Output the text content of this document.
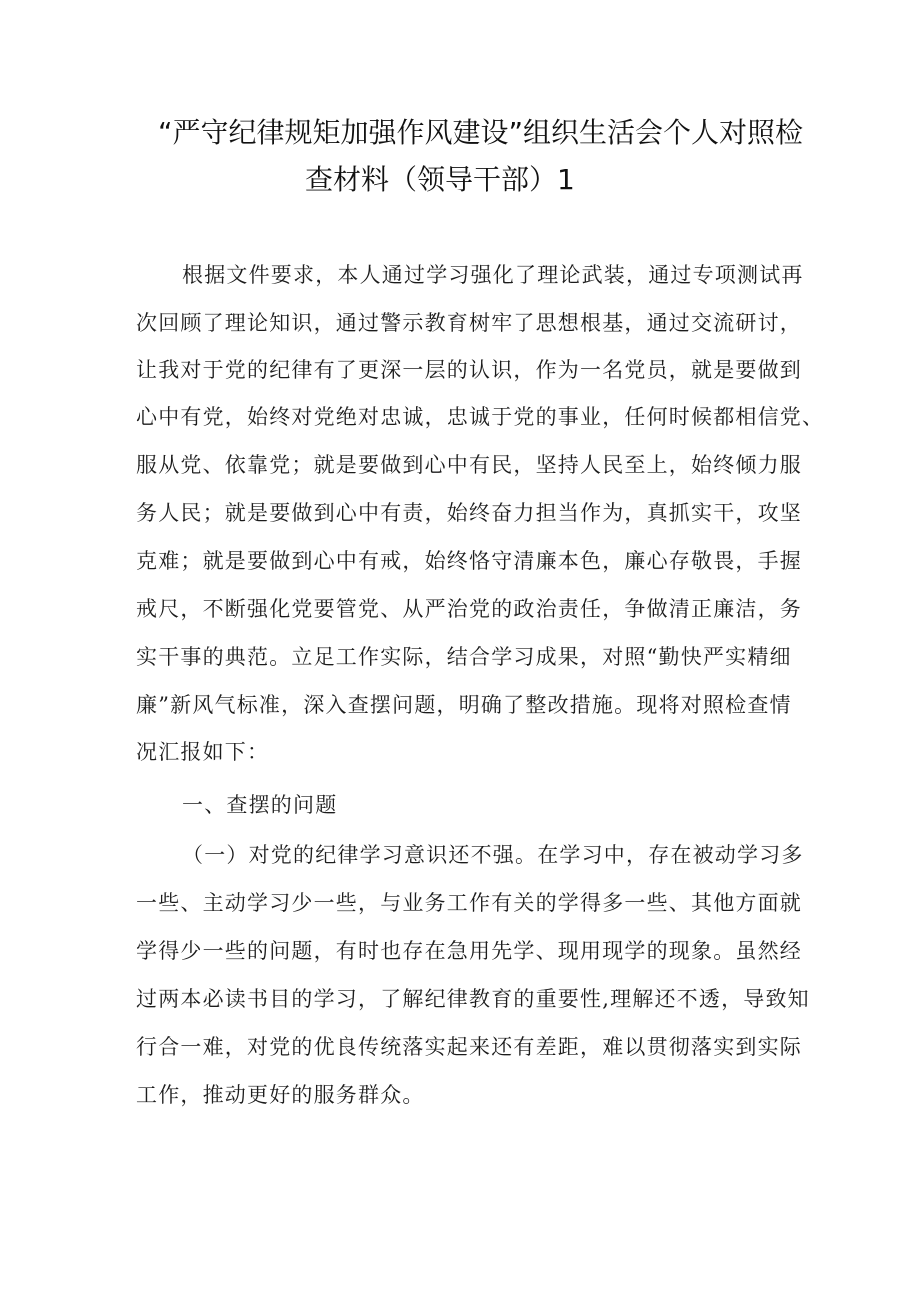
“严守纪律规矩加强作风建设”组织生活会个人对照检
查材料（领导干部）1
根据文件要求，本人通过学习强化了理论武装，通过专项测试再
次回顾了理论知识，通过警示教育树牢了思想根基，通过交流研讨，
让我对于党的纪律有了更深一层的认识，作为一名党员，就是要做到
心中有党，始终对党绝对忠诚，忠诚于党的事业，任何时候都相信党、
服从党、依靠党；就是要做到心中有民，坚持人民至上，始终倾力服
务人民；就是要做到心中有责，始终奋力担当作为，真抓实干，攻坚
克难；就是要做到心中有戒，始终恪守清廉本色，廉心存敬畏，手握
戒尺，不断强化党要管党、从严治党的政治责任，争做清正廉洁，务
实干事的典范。立足工作实际，结合学习成果，对照“勤快严实精细
廉”新风气标准，深入查摆问题，明确了整改措施。现将对照检查情
况汇报如下：
一、查摆的问题
（一）对党的纪律学习意识还不强。在学习中，存在被动学习多
一些、主动学习少一些，与业务工作有关的学得多一些、其他方面就
学得少一些的问题，有时也存在急用先学、现用现学的现象。虽然经
过两本必读书目的学习，了解纪律教育的重要性,理解还不透，导致知
行合一难，对党的优良传统落实起来还有差距，难以贯彻落实到实际
工作，推动更好的服务群众。
